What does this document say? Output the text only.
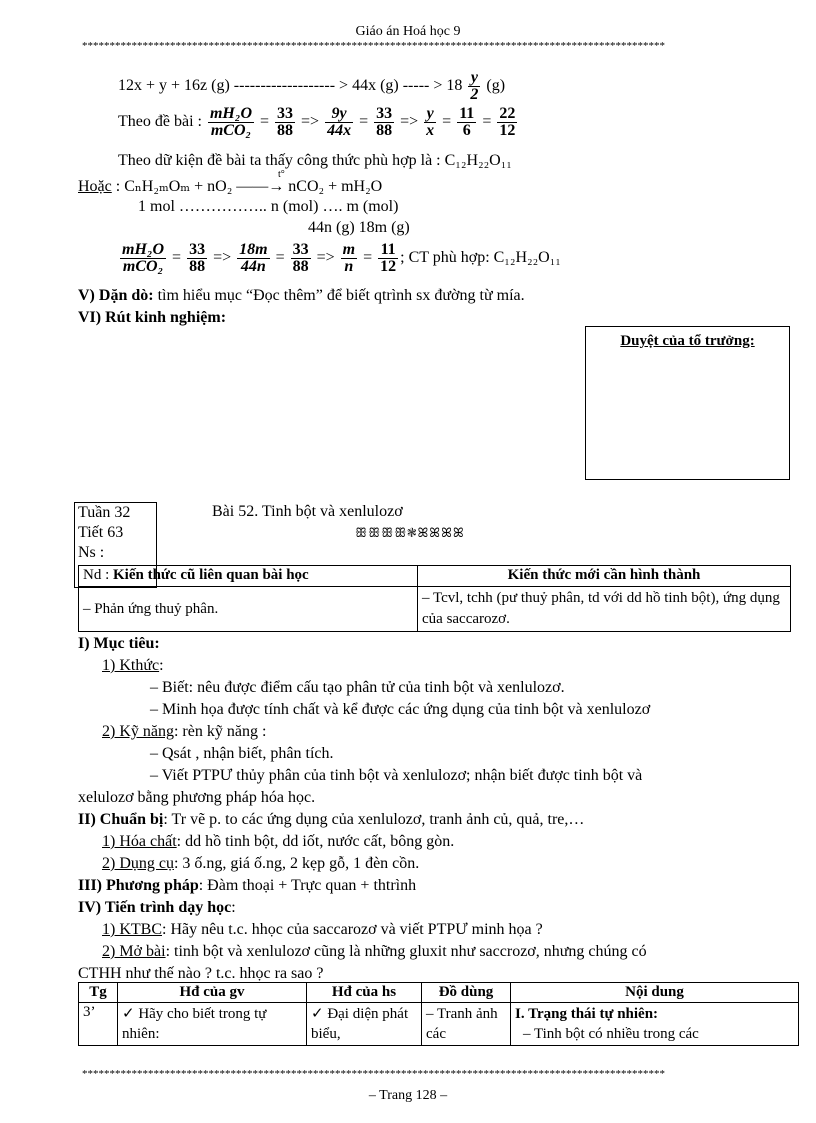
Giáo án Hoá học 9
**********************************************************************************************************
12x + y + 16z (g) ------------------- > 44x (g) ----- > $18 \frac{y}{2} (g)$
Theo đề bài : $\frac{\text{mH₂O}}{\text{mCO₂}} = \frac{33}{88} => \frac{9y}{44x} = \frac{33}{88} => \frac{y}{x} = \frac{11}{6} = \frac{22}{12}$
Theo dữ kiện đề bài ta thấy công thức phù hợp là : C₁₂H₂₂O₁₁
Hoặc : CₙH₂ₘOₘ + nO₂ ——→ nCO₂ + mH₂O
t°
1 mol …………….. n (mol) …. m (mol)
44n (g) 18m (g)
$\frac{\text{mH₂O}}{\text{mCO₂}} = \frac{33}{88} => \frac{18m}{44n} = \frac{33}{88} => \frac{m}{n} = \frac{11}{12}$ ; CT phù hợp: C₁₂H₂₂O₁₁
V) Dặn dò: tìm hiểu mục “Đọc thêm” để biết qtrình sx đường từ mía.
VI) Rút kinh nghiệm:
Duyệt của tổ trưởng:
Tuần 32
Tiết 63
Ns :
Bài 52. Tinh bột và xenlulozơ
ꕥꕥꕥꕥ❃ꕤꕤꕤꕤ
Nd : Kiến thức cũ liên quan bài học	Kiến thức mới cần hình thành
– Phản ứng thuỷ phân.	– Tcvl, tchh (pư thuỷ phân, td với dd hồ tinh bột), ứng dụng của saccarozơ.
I) Mục tiêu:
1) Kthức:
– Biết: nêu được điểm cấu tạo phân tử của tinh bột và xenlulozơ.
– Minh họa được tính chất và kể được các ứng dụng của tinh bột và xenlulozơ
2) Kỹ năng: rèn kỹ năng :
– Qsát , nhận biết, phân tích.
– Viết PTPƯ thủy phân của tinh bột và xenlulozơ; nhận biết được tinh bột và
xelulozơ bằng phương pháp hóa học.
II) Chuẩn bị: Tr vẽ p. to các ứng dụng của xenlulozơ, tranh ảnh củ, quả, tre,…
1) Hóa chất: dd hồ tinh bột, dd iốt, nước cất, bông gòn.
2) Dụng cụ: 3 ố.ng, giá ố.ng, 2 kẹp gỗ, 1 đèn cồn.
III) Phương pháp: Đàm thoại + Trực quan + thtrình
IV) Tiến trình dạy học:
1) KTBC: Hãy nêu t.c. hhọc của saccarozơ và viết PTPƯ minh họa ?
2) Mở bài: tinh bột và xenlulozơ cũng là những gluxit như saccrozơ, nhưng chúng có
CTHH như thế nào ? t.c. hhọc ra sao ?
Tg	Hđ của gv	Hđ của hs	Đồ dùng	Nội dung
3’	✓ Hãy cho biết trong tự nhiên:	✓ Đại diện phát biểu,	– Tranh ảnh các	I. Trạng thái tự nhiên:
– Tinh bột có nhiều trong các
**********************************************************************************************************
– Trang 128 –
